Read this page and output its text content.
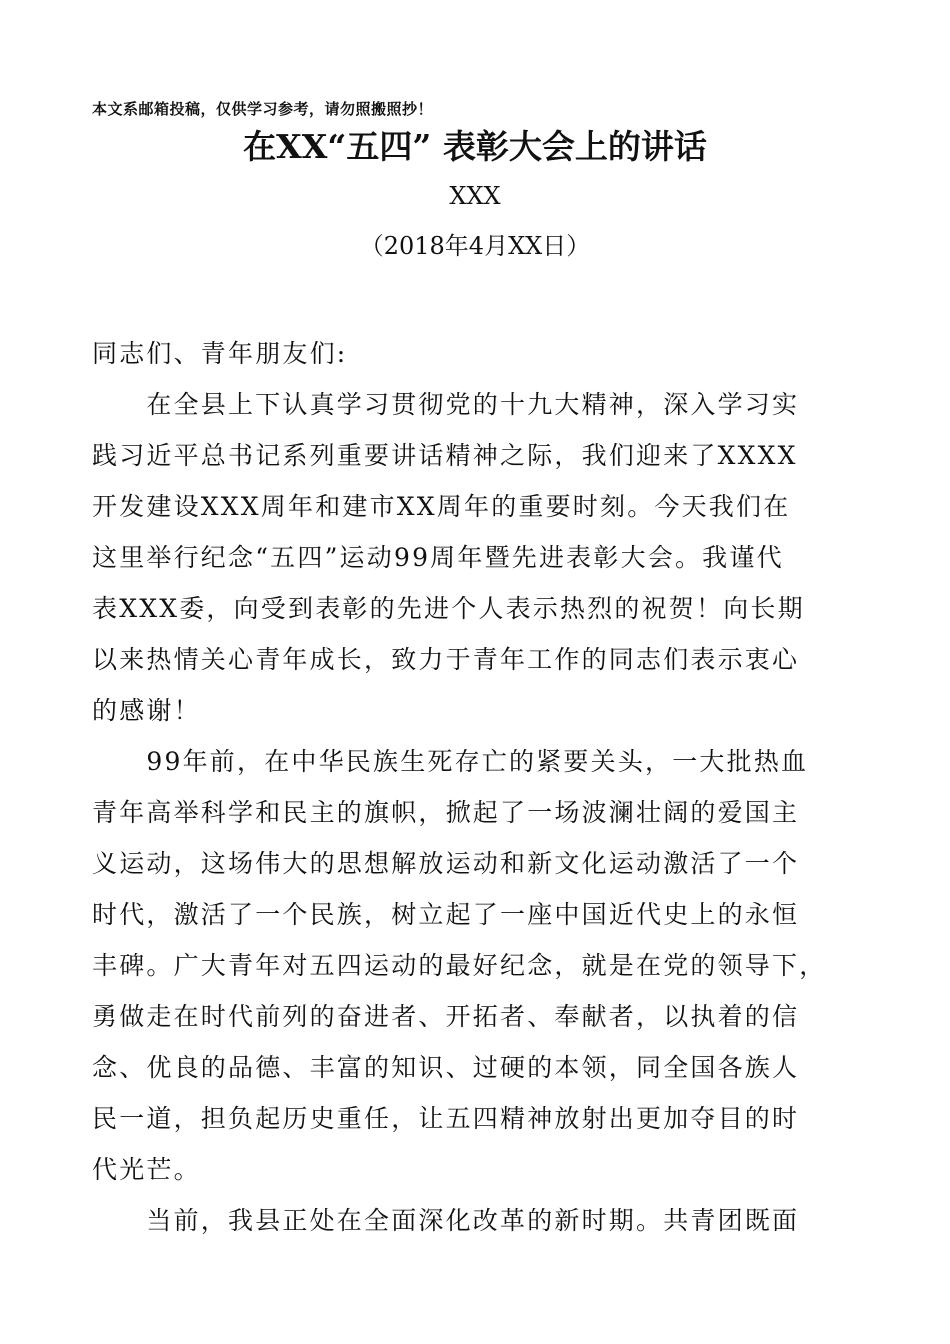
本文系邮箱投稿，仅供学习参考，请勿照搬照抄！
在XX“五四” 表彰大会上的讲话
XXX
（2018年4月XX日）
同志们、青年朋友们:
　　在全县上下认真学习贯彻党的十九大精神，深入学习实
践习近平总书记系列重要讲话精神之际，我们迎来了XXXX
开发建设XXX周年和建市XX周年的重要时刻。今天我们在
这里举行纪念“五四”运动99周年暨先进表彰大会。我谨代
表XXX委，向受到表彰的先进个人表示热烈的祝贺！向长期
以来热情关心青年成长，致力于青年工作的同志们表示衷心
的感谢！
　　99年前，在中华民族生死存亡的紧要关头，一大批热血
青年高举科学和民主的旗帜，掀起了一场波澜壮阔的爱国主
义运动，这场伟大的思想解放运动和新文化运动激活了一个
时代，激活了一个民族，树立起了一座中国近代史上的永恒
丰碑。广大青年对五四运动的最好纪念，就是在党的领导下，
勇做走在时代前列的奋进者、开拓者、奉献者，以执着的信
念、优良的品德、丰富的知识、过硬的本领，同全国各族人
民一道，担负起历史重任，让五四精神放射出更加夺目的时
代光芒。
　　当前，我县正处在全面深化改革的新时期。共青团既面
